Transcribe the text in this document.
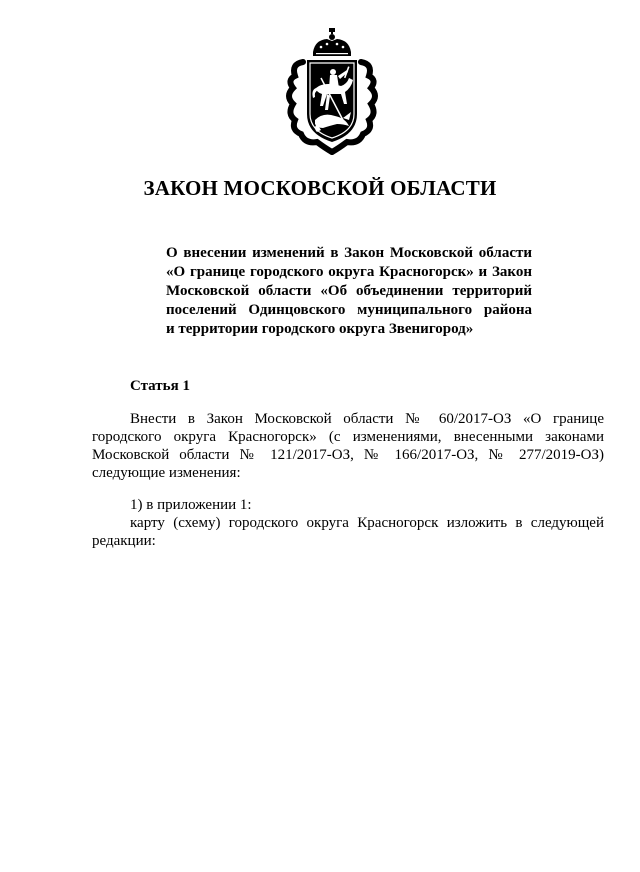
ЗАКОН МОСКОВСКОЙ ОБЛАСТИ
О внесении изменений в Закон Московской области
«О границе городского округа Красногорск» и Закон
Московской области «Об объединении территорий
поселений Одинцовского муниципального района
и территории городского округа Звенигород»
Статья 1
Внести в Закон Московской области № 60/2017-ОЗ «О границе
городского округа Красногорск» (с изменениями, внесенными законами
Московской области № 121/2017-ОЗ, № 166/2017-ОЗ, № 277/2019-ОЗ)
следующие изменения:
1) в приложении 1:
карту (схему) городского округа Красногорск изложить в следующей
редакции:
